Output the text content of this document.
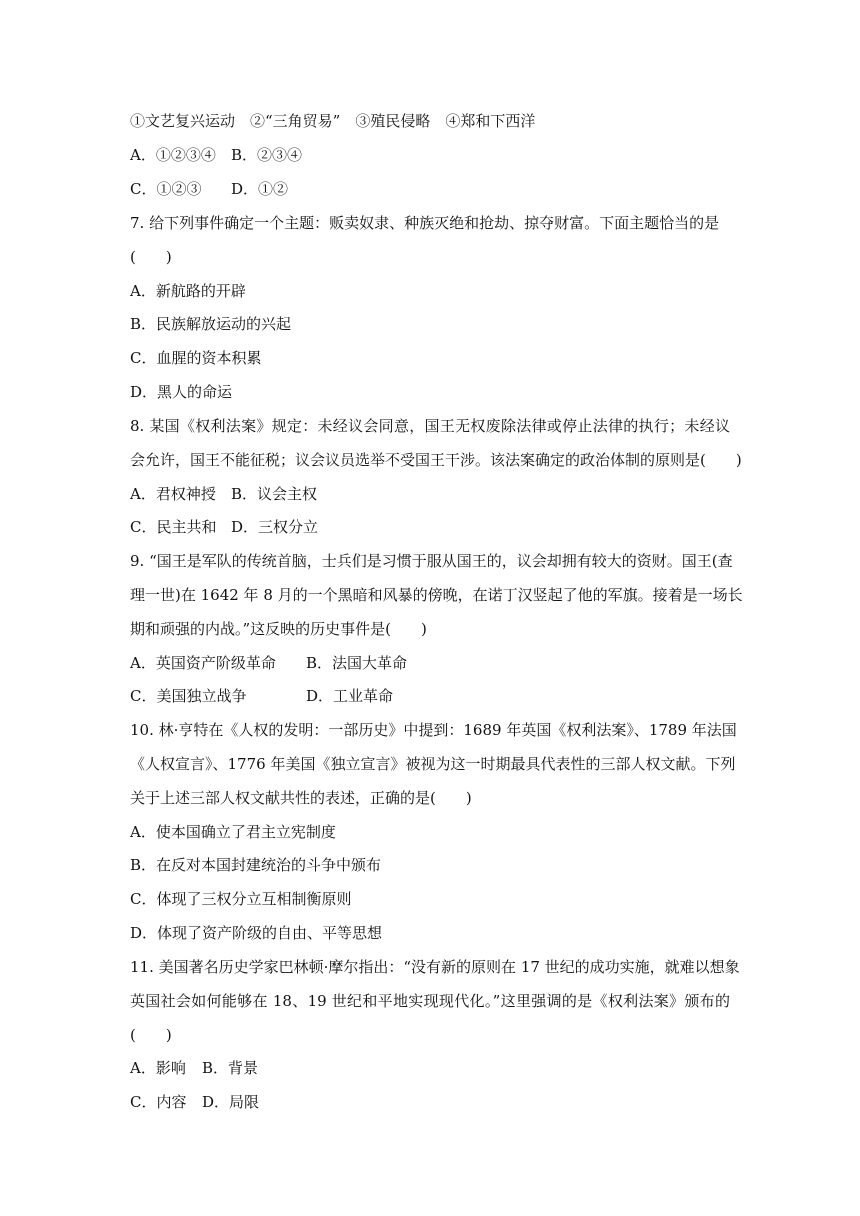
①文艺复兴运动　②“三角贸易”　③殖民侵略　④郑和下西洋
A．①②③④ B．②③④
C．①②③ D．①②
7. 给下列事件确定一个主题：贩卖奴隶、种族灭绝和抢劫、掠夺财富。下面主题恰当的是
(　　)
A．新航路的开辟
B．民族解放运动的兴起
C．血腥的资本积累
D．黑人的命运
8. 某国《权利法案》规定：未经议会同意，国王无权废除法律或停止法律的执行；未经议
会允许，国王不能征税；议会议员选举不受国王干涉。该法案确定的政治体制的原则是(　　)
A．君权神授 B．议会主权
C．民主共和 D．三权分立
9. “国王是军队的传统首脑，士兵们是习惯于服从国王的，议会却拥有较大的资财。国王(查
理一世)在 1642 年 8 月的一个黑暗和风暴的傍晚，在诺丁汉竖起了他的军旗。接着是一场长
期和顽强的内战。”这反映的历史事件是(　　)
A．英国资产阶级革命 B．法国大革命
C．美国独立战争	D．工业革命
10. 林·亨特在《人权的发明：一部历史》中提到：1689 年英国《权利法案》、1789 年法国
《人权宣言》、1776 年美国《独立宣言》被视为这一时期最具代表性的三部人权文献。下列
关于上述三部人权文献共性的表述，正确的是(　　)
A．使本国确立了君主立宪制度
B．在反对本国封建统治的斗争中颁布
C．体现了三权分立互相制衡原则
D．体现了资产阶级的自由、平等思想
11. 美国著名历史学家巴林顿·摩尔指出：“没有新的原则在 17 世纪的成功实施，就难以想象
英国社会如何能够在 18、19 世纪和平地实现现代化。”这里强调的是《权利法案》颁布的
(　　)
A．影响 B．背景
C．内容 D．局限
